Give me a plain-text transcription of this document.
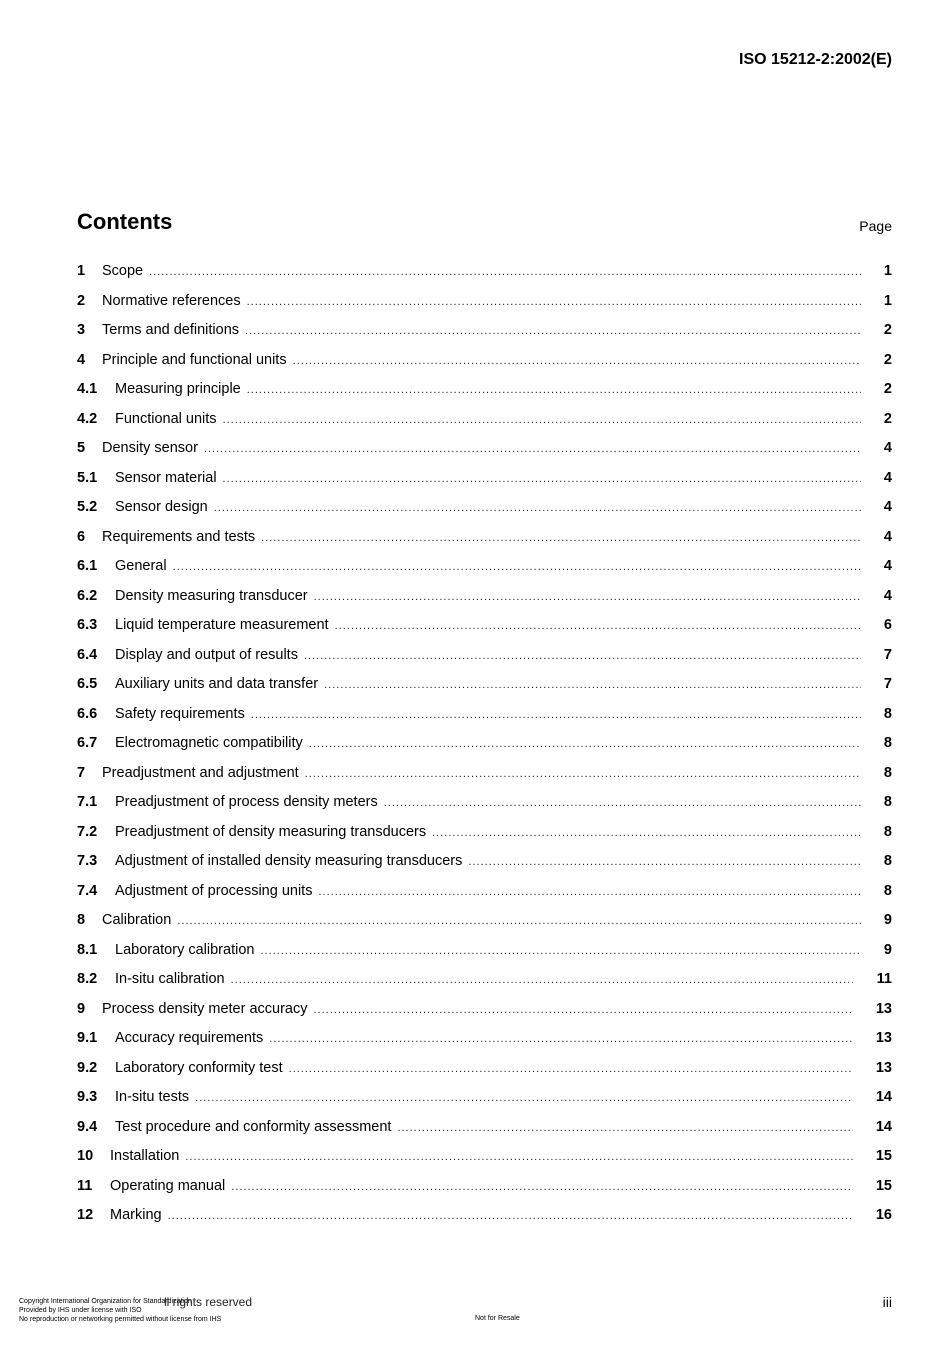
ISO 15212-2:2002(E)
Contents	Page
1	Scope .....	1
2	Normative references .....	1
3	Terms and definitions .....	2
4	Principle and functional units .....	2
4.1	Measuring principle .....	2
4.2	Functional units .....	2
5	Density sensor .....	4
5.1	Sensor material .....	4
5.2	Sensor design .....	4
6	Requirements and tests .....	4
6.1	General .....	4
6.2	Density measuring transducer .....	4
6.3	Liquid temperature measurement .....	6
6.4	Display and output of results .....	7
6.5	Auxiliary units and data transfer .....	7
6.6	Safety requirements .....	8
6.7	Electromagnetic compatibility .....	8
7	Preadjustment and adjustment .....	8
7.1	Preadjustment of process density meters .....	8
7.2	Preadjustment of density measuring transducers .....	8
7.3	Adjustment of installed density measuring transducers .....	8
7.4	Adjustment of processing units .....	8
8	Calibration .....	9
8.1	Laboratory calibration .....	9
8.2	In-situ calibration .....	11
9	Process density meter accuracy .....	13
9.1	Accuracy requirements .....	13
9.2	Laboratory conformity test .....	13
9.3	In-situ tests .....	14
9.4	Test procedure and conformity assessment .....	14
10	Installation .....	15
11	Operating manual .....	15
12	Marking .....	16
Copyright International Organization for Standardization
Provided by IHS under license with ISO
No reproduction or networking permitted without license from IHS
ll rights reserved
Not for Resale
iii
